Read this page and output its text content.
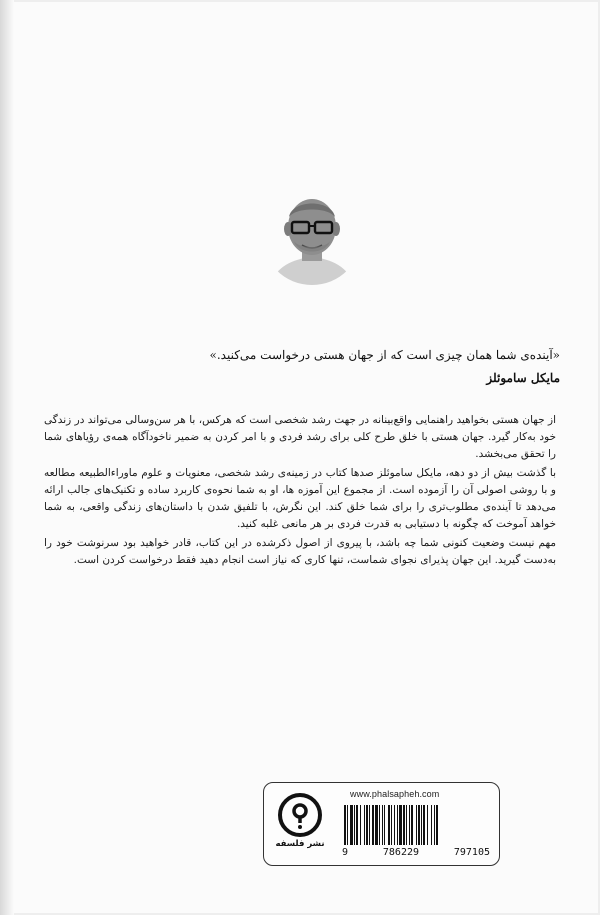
«آینده‌ی شما همان چیزی است که از جهان هستی درخواست می‌کنید.»
مایکل ساموئلز

از جهان هستی بخواهید راهنمایی واقع‌بینانه در جهت رشد شخصی است که هرکس، با هر سن‌وسالی می‌تواند در زندگی خود به‌کار گیرد. جهان هستی با خلق طرح کلی برای رشد فردی و با امر کردن به ضمیر ناخودآگاه همه‌ی رؤیاهای شما را تحقق می‌بخشد.

با گذشت بیش از دو دهه، مایکل ساموئلز صدها کتاب در زمینه‌ی رشد شخصی، معنویات و علوم ماوراءالطبیعه مطالعه و با روشی اصولی آن را آزموده است. از مجموع این آموزه ها، او به شما نحوه‌ی کاربرد ساده و تکنیک‌های جالب ارائه می‌دهد تا آینده‌ی مطلوب‌تری را برای شما خلق کند. این نگرش، با تلفیق شدن با داستان‌های زندگی واقعی، به شما خواهد آموخت که چگونه با دستیابی به قدرت فردی بر هر مانعی غلبه کنید.

مهم نیست وضعیت کنونی شما چه باشد، با پیروی از اصول ذکرشده در این کتاب، قادر خواهید بود سرنوشت خود را به‌دست گیرید. این جهان پذیرای نجوای شماست، تنها کاری که نیاز است انجام دهید فقط درخواست کردن است.

نشر فلسفه
www.phalsapheh.com
9	786229	797105
